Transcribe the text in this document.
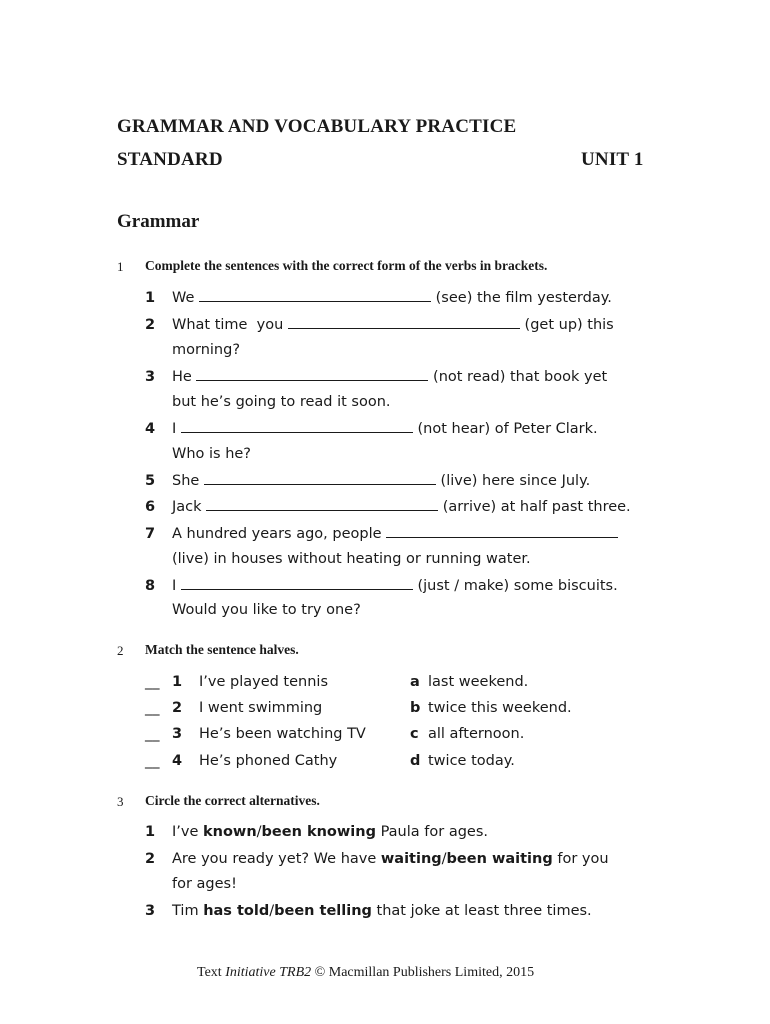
GRAMMAR AND VOCABULARY PRACTICE
STANDARD	UNIT 1
Grammar
1 Complete the sentences with the correct form of the verbs in brackets.
1 We	(see) the film yesterday.
2 What time  you	(get up) this
morning?
3 He	(not read) that book yet
but he’s going to read it soon.
4 I	(not hear) of Peter Clark.
Who is he?
5 She	(live) here since July.
6 Jack	(arrive) at half past three.
7 A hundred years ago, people
(live) in houses without heating or running water.
8 I	(just / make) some biscuits.
Would you like to try one?
2 Match the sentence halves.
__ 1 I’ve played tennis	a last weekend.
__ 2 I went swimming	b twice this weekend.
__ 3 He’s been watching TV	c all afternoon.
__ 4 He’s phoned Cathy	d twice today.
3 Circle the correct alternatives.
1 I’ve known/been knowing Paula for ages.
2 Are you ready yet? We have waiting/been waiting for you
for ages!
3 Tim has told/been telling that joke at least three times.
Text Initiative TRB2 © Macmillan Publishers Limited, 2015
